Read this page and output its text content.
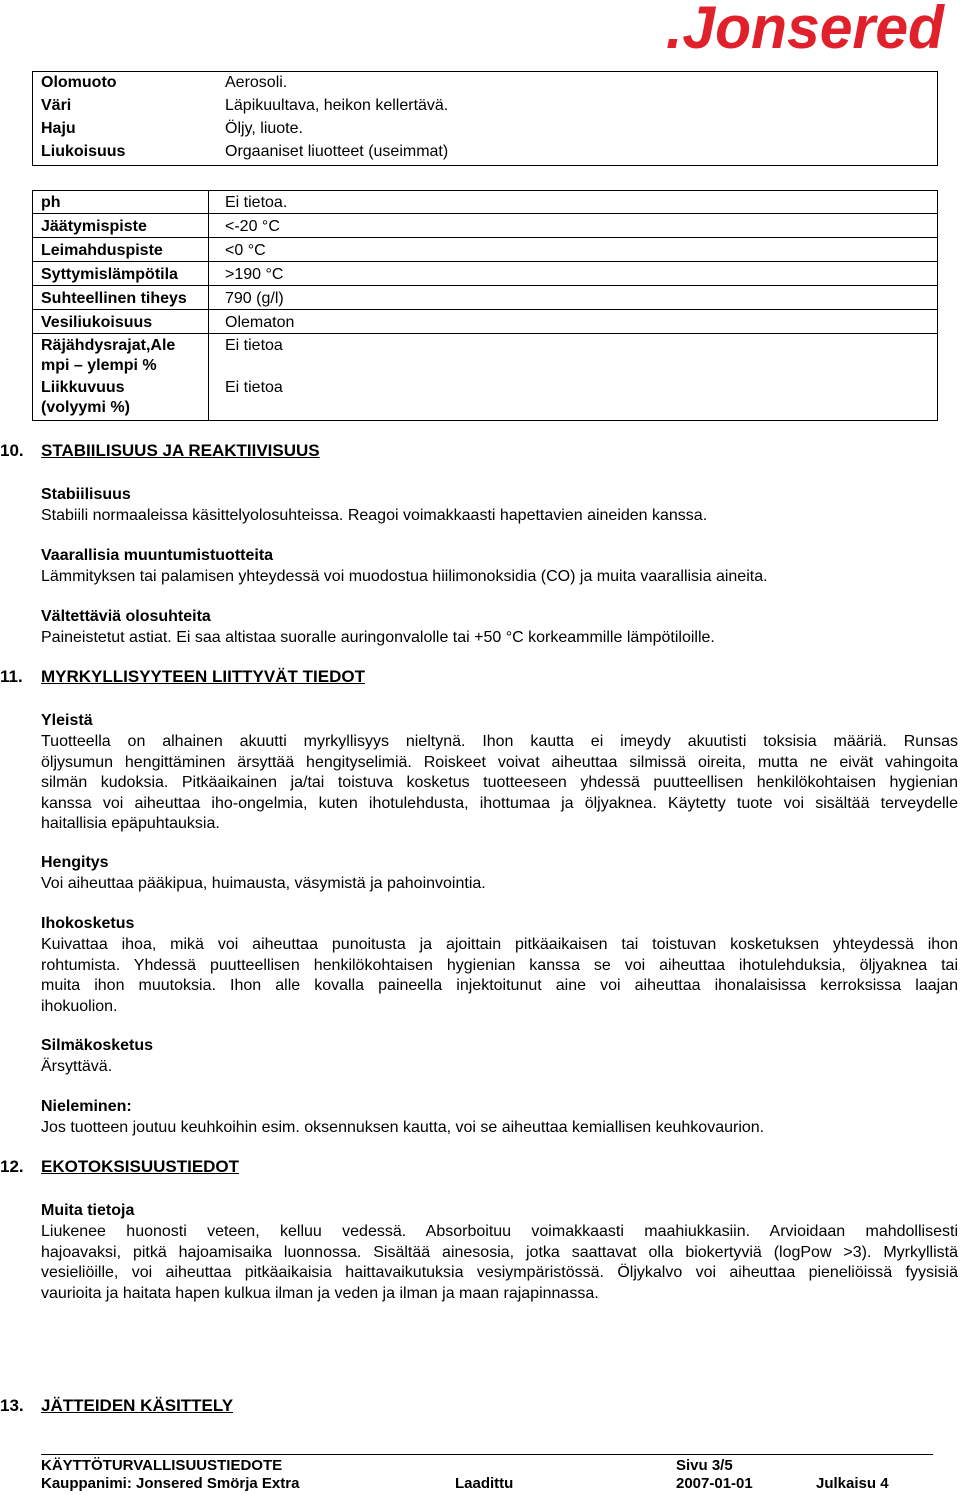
.Jonsered
Olomuoto	Aerosoli.
Väri	Läpikuultava, heikon kellertävä.
Haju	Öljy, liuote.
Liukoisuus	Orgaaniset liuotteet (useimmat)
ph	Ei tietoa.
Jäätymispiste	<-20 °C
Leimahduspiste	<0 °C
Syttymislämpötila	>190 °C
Suhteellinen tiheys 790 (g/l)
Vesiliukoisuus	Olematon
Räjähdysrajat,Ale	Ei tietoa
mpi – ylempi %
Liikkuvuus	Ei tietoa
(volyymi %)
10.	STABIILISUUS JA REAKTIIVISUUS
Stabiilisuus
Stabiili normaaleissa käsittelyolosuhteissa. Reagoi voimakkaasti hapettavien aineiden kanssa.
Vaarallisia muuntumistuotteita
Lämmityksen tai palamisen yhteydessä voi muodostua hiilimonoksidia (CO) ja muita vaarallisia aineita.
Vältettäviä olosuhteita
Paineistetut astiat. Ei saa altistaa suoralle auringonvalolle tai +50 °C korkeammille lämpötiloille.
11.	MYRKYLLISYYTEEN LIITTYVÄT TIEDOT
Yleistä
Tuotteella on alhainen akuutti myrkyllisyys nieltynä. Ihon kautta ei imeydy akuutisti toksisia määriä. Runsas
öljysumun hengittäminen ärsyttää hengityselimiä. Roiskeet voivat aiheuttaa silmissä oireita, mutta ne eivät vahingoita
silmän kudoksia. Pitkäaikainen ja/tai toistuva kosketus tuotteeseen yhdessä puutteellisen henkilökohtaisen hygienian
kanssa voi aiheuttaa iho-ongelmia, kuten ihotulehdusta, ihottumaa ja öljyaknea. Käytetty tuote voi sisältää terveydelle
haitallisia epäpuhtauksia.
Hengitys
Voi aiheuttaa pääkipua, huimausta, väsymistä ja pahoinvointia.
Ihokosketus
Kuivattaa ihoa, mikä voi aiheuttaa punoitusta ja ajoittain pitkäaikaisen tai toistuvan kosketuksen yhteydessä ihon
rohtumista. Yhdessä puutteellisen henkilökohtaisen hygienian kanssa se voi aiheuttaa ihotulehduksia, öljyaknea tai
muita ihon muutoksia. Ihon alle kovalla paineella injektoitunut aine voi aiheuttaa ihonalaisissa kerroksissa laajan
ihokuolion.
Silmäkosketus
Ärsyttävä.
Nieleminen:
Jos tuotteen joutuu keuhkoihin esim. oksennuksen kautta, voi se aiheuttaa kemiallisen keuhkovaurion.
12.	EKOTOKSISUUSTIEDOT
Muita tietoja
Liukenee huonosti veteen, kelluu vedessä. Absorboituu voimakkaasti maahiukkasiin. Arvioidaan mahdollisesti
hajoavaksi, pitkä hajoamisaika luonnossa. Sisältää ainesosia, jotka saattavat olla biokertyviä (logPow >3). Myrkyllistä
vesieliöille, voi aiheuttaa pitkäaikaisia haittavaikutuksia vesiympäristössä. Öljykalvo voi aiheuttaa pieneliöissä fyysisiä
vaurioita ja haitata hapen kulkua ilman ja veden ja ilman ja maan rajapinnassa.
13.	JÄTTEIDEN KÄSITTELY
KÄYTTÖTURVALLISUUSTIEDOTE	Sivu 3/5
Kauppanimi: Jonsered Smörja Extra	Laadittu	2007-01-01	Julkaisu 4
